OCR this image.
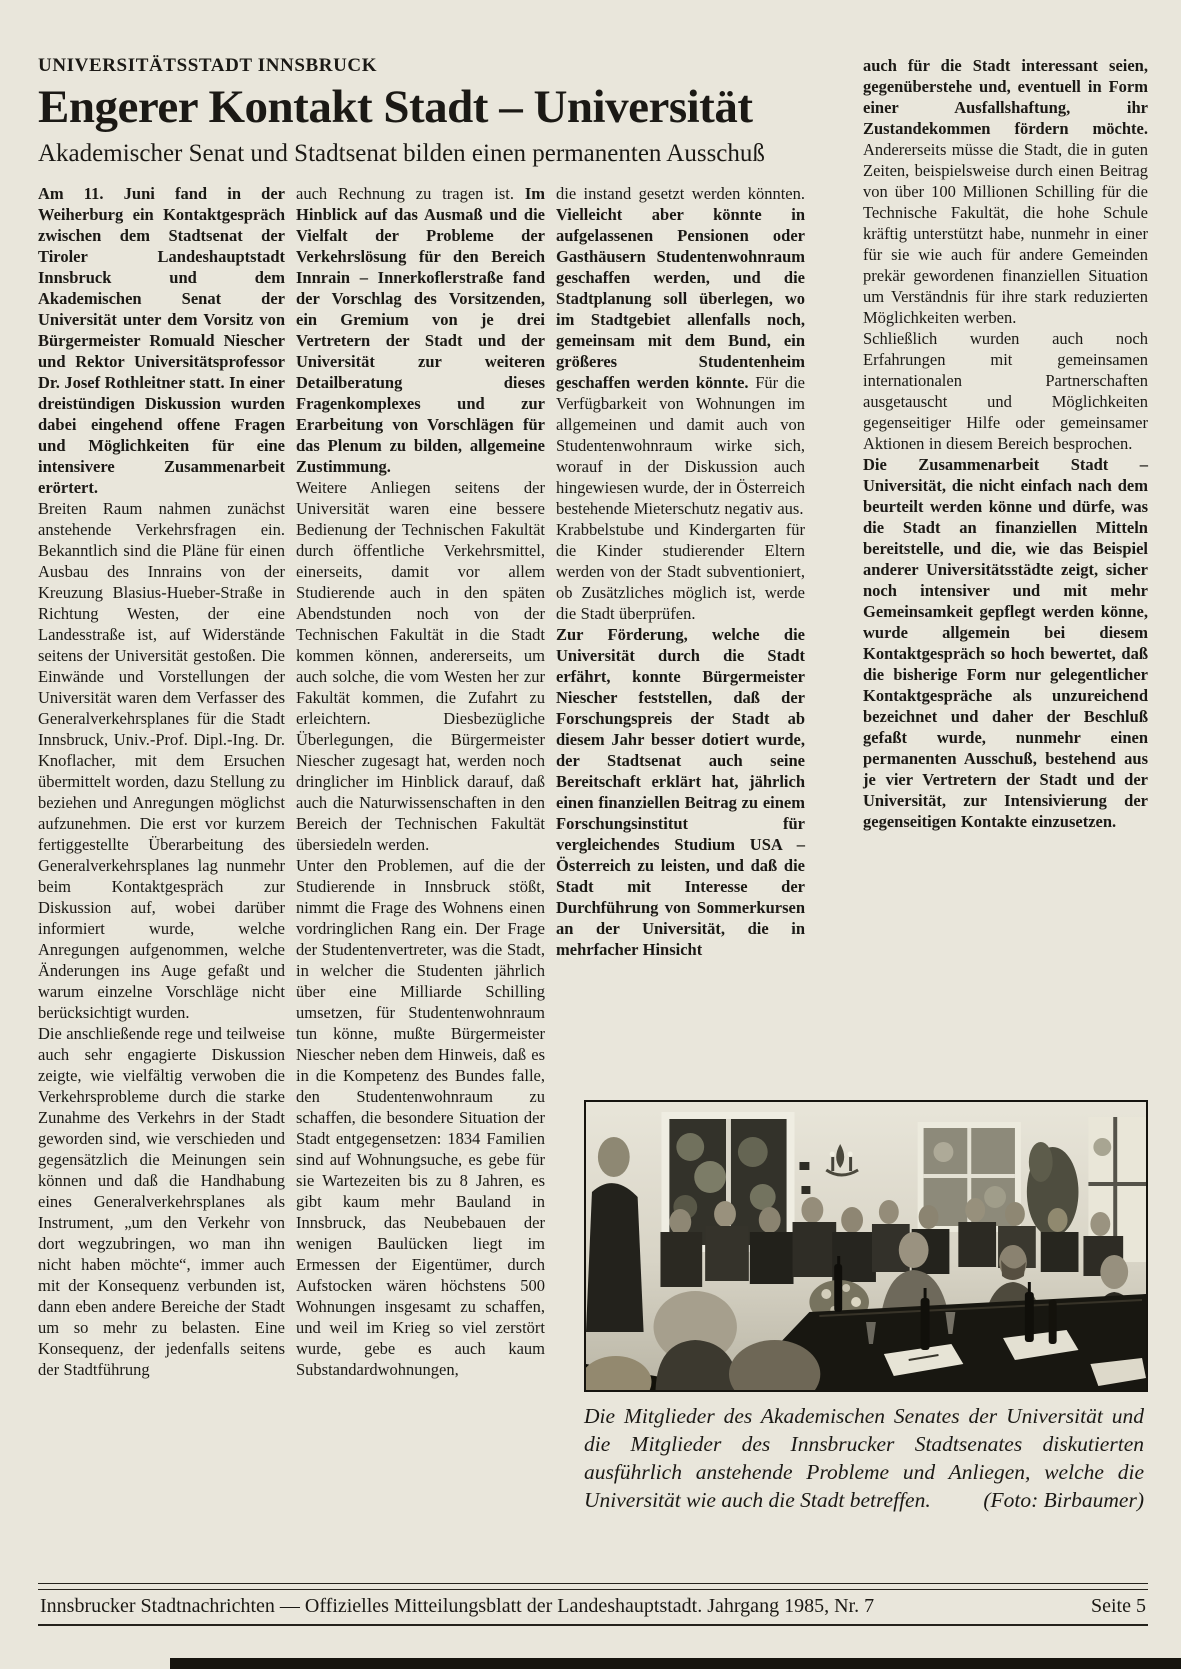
UNIVERSITÄTSSTADT INNSBRUCK
Engerer Kontakt Stadt – Universität
Akademischer Senat und Stadtsenat bilden einen permanenten Ausschuß

Am 11. Juni fand in der Weiherburg ein Kontaktgespräch zwischen dem Stadtsenat der Tiroler Landeshauptstadt Innsbruck und dem Akademischen Senat der Universität unter dem Vorsitz von Bürgermeister Romuald Niescher und Rektor Universitätsprofessor Dr. Josef Rothleitner statt. In einer dreistündigen Diskussion wurden dabei eingehend offene Fragen und Möglichkeiten für eine intensivere Zusammenarbeit erörtert.

Breiten Raum nahmen zunächst anstehende Verkehrsfragen ein. Bekanntlich sind die Pläne für einen Ausbau des Innrains von der Kreuzung Blasius-Hueber-Straße in Richtung Westen, der eine Landesstraße ist, auf Widerstände seitens der Universität gestoßen. Die Einwände und Vorstellungen der Universität waren dem Verfasser des Generalverkehrsplanes für die Stadt Innsbruck, Univ.-Prof. Dipl.-Ing. Dr. Knoflacher, mit dem Ersuchen übermittelt worden, dazu Stellung zu beziehen und Anregungen möglichst aufzunehmen. Die erst vor kurzem fertiggestellte Überarbeitung des Generalverkehrsplanes lag nunmehr beim Kontaktgespräch zur Diskussion auf, wobei darüber informiert wurde, welche Anregungen aufgenommen, welche Änderungen ins Auge gefaßt und warum einzelne Vorschläge nicht berücksichtigt wurden.

Die anschließende rege und teilweise auch sehr engagierte Diskussion zeigte, wie vielfältig verwoben die Verkehrsprobleme durch die starke Zunahme des Verkehrs in der Stadt geworden sind, wie verschieden und gegensätzlich die Meinungen sein können und daß die Handhabung eines Generalverkehrsplanes als Instrument, „um den Verkehr von dort wegzubringen, wo man ihn nicht haben möchte“, immer auch mit der Konsequenz verbunden ist, dann eben andere Bereiche der Stadt um so mehr zu belasten. Eine Konsequenz, der jedenfalls seitens der Stadtführung

auch Rechnung zu tragen ist. Im Hinblick auf das Ausmaß und die Vielfalt der Probleme der Verkehrslösung für den Bereich Innrain – Innerkoflerstraße fand der Vorschlag des Vorsitzenden, ein Gremium von je drei Vertretern der Stadt und der Universität zur weiteren Detailberatung dieses Fragenkomplexes und zur Erarbeitung von Vorschlägen für das Plenum zu bilden, allgemeine Zustimmung.

Weitere Anliegen seitens der Universität waren eine bessere Bedienung der Technischen Fakultät durch öffentliche Verkehrsmittel, einerseits, damit vor allem Studierende auch in den späten Abendstunden noch von der Technischen Fakultät in die Stadt kommen können, andererseits, um auch solche, die vom Westen her zur Fakultät kommen, die Zufahrt zu erleichtern. Diesbezügliche Überlegungen, die Bürgermeister Niescher zugesagt hat, werden noch dringlicher im Hinblick darauf, daß auch die Naturwissenschaften in den Bereich der Technischen Fakultät übersiedeln werden.

Unter den Problemen, auf die der Studierende in Innsbruck stößt, nimmt die Frage des Wohnens einen vordringlichen Rang ein. Der Frage der Studentenvertreter, was die Stadt, in welcher die Studenten jährlich über eine Milliarde Schilling umsetzen, für Studentenwohnraum tun könne, mußte Bürgermeister Niescher neben dem Hinweis, daß es in die Kompetenz des Bundes falle, den Studentenwohnraum zu schaffen, die besondere Situation der Stadt entgegensetzen: 1834 Familien sind auf Wohnungsuche, es gebe für sie Wartezeiten bis zu 8 Jahren, es gibt kaum mehr Bauland in Innsbruck, das Neubebauen der wenigen Baulücken liegt im Ermessen der Eigentümer, durch Aufstocken wären höchstens 500 Wohnungen insgesamt zu schaffen, und weil im Krieg so viel zerstört wurde, gebe es auch kaum Substandardwohnungen,

die instand gesetzt werden könnten. Vielleicht aber könnte in aufgelassenen Pensionen oder Gasthäusern Studentenwohnraum geschaffen werden, und die Stadtplanung soll überlegen, wo im Stadtgebiet allenfalls noch, gemeinsam mit dem Bund, ein größeres Studentenheim geschaffen werden könnte. Für die Verfügbarkeit von Wohnungen im allgemeinen und damit auch von Studentenwohnraum wirke sich, worauf in der Diskussion auch hingewiesen wurde, der in Österreich bestehende Mieterschutz negativ aus.

Krabbelstube und Kindergarten für die Kinder studierender Eltern werden von der Stadt subventioniert, ob Zusätzliches möglich ist, werde die Stadt überprüfen.

Zur Förderung, welche die Universität durch die Stadt erfährt, konnte Bürgermeister Niescher feststellen, daß der Forschungspreis der Stadt ab diesem Jahr besser dotiert wurde, der Stadtsenat auch seine Bereitschaft erklärt hat, jährlich einen finanziellen Beitrag zu einem Forschungsinstitut für vergleichendes Studium USA – Österreich zu leisten, und daß die Stadt mit Interesse der Durchführung von Sommerkursen an der Universität, die in mehrfacher Hinsicht

auch für die Stadt interessant seien, gegenüberstehe und, eventuell in Form einer Ausfallshaftung, ihr Zustandekommen fördern möchte. Andererseits müsse die Stadt, die in guten Zeiten, beispielsweise durch einen Beitrag von über 100 Millionen Schilling für die Technische Fakultät, die hohe Schule kräftig unterstützt habe, nunmehr in einer für sie wie auch für andere Gemeinden prekär gewordenen finanziellen Situation um Verständnis für ihre stark reduzierten Möglichkeiten werben.

Schließlich wurden auch noch Erfahrungen mit gemeinsamen internationalen Partnerschaften ausgetauscht und Möglichkeiten gegenseitiger Hilfe oder gemeinsamer Aktionen in diesem Bereich besprochen.

Die Zusammenarbeit Stadt – Universität, die nicht einfach nach dem beurteilt werden könne und dürfe, was die Stadt an finanziellen Mitteln bereitstelle, und die, wie das Beispiel anderer Universitätsstädte zeigt, sicher noch intensiver und mit mehr Gemeinsamkeit gepflegt werden könne, wurde allgemein bei diesem Kontaktgespräch so hoch bewertet, daß die bisherige Form nur gelegentlicher Kontaktgespräche als unzureichend bezeichnet und daher der Beschluß gefaßt wurde, nunmehr einen permanenten Ausschuß, bestehend aus je vier Vertretern der Stadt und der Universität, zur Intensivierung der gegenseitigen Kontakte einzusetzen.

Die Mitglieder des Akademischen Senates der Universität und die Mitglieder des Innsbrucker Stadtsenates diskutierten ausführlich anstehende Probleme und Anliegen, welche die Universität wie auch die Stadt betreffen. (Foto: Birbaumer)
Innsbrucker Stadtnachrichten — Offizielles Mitteilungsblatt der Landeshauptstadt. Jahrgang 1985, Nr. 7	Seite 5
